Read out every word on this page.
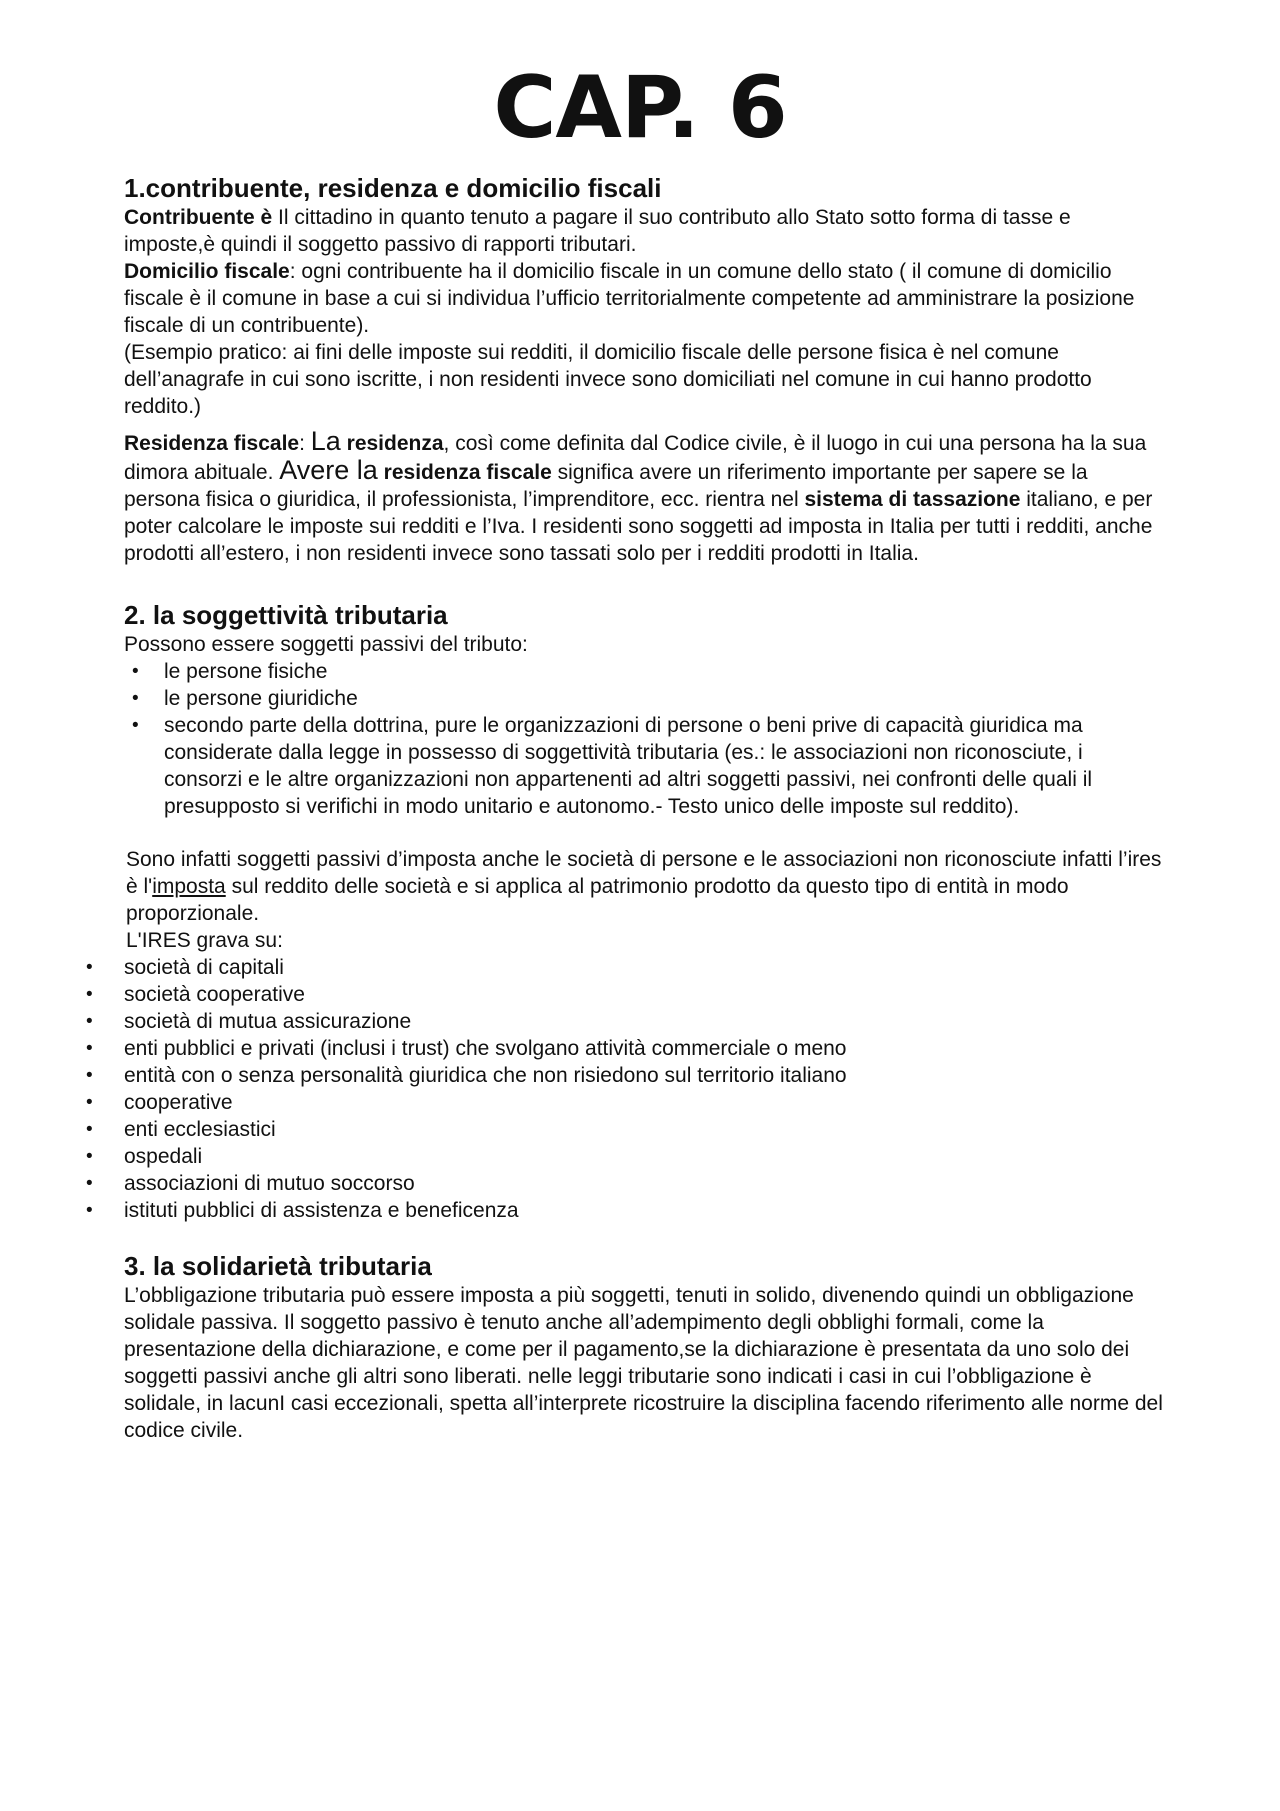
CAP. 6
1.contribuente, residenza e domicilio fiscali

Contribuente è Il cittadino in quanto tenuto a pagare il suo contributo allo Stato sotto forma di tasse e imposte,è quindi il soggetto passivo di rapporti tributari.

Domicilio fiscale: ogni contribuente ha il domicilio fiscale in un comune dello stato ( il comune di domicilio fiscale è il comune in base a cui si individua l’ufficio territorialmente competente ad amministrare la posizione fiscale di un contribuente).

(Esempio pratico: ai fini delle imposte sui redditi, il domicilio fiscale delle persone fisica è nel comune dell’anagrafe in cui sono iscritte, i non residenti invece sono domiciliati nel comune in cui hanno prodotto reddito.)

Residenza fiscale: La residenza, così come definita dal Codice civile, è il luogo in cui una persona ha la sua dimora abituale. Avere la residenza fiscale significa avere un riferimento importante per sapere se la persona fisica o giuridica, il professionista, l’imprenditore, ecc. rientra nel sistema di tassazione italiano, e per poter calcolare le imposte sui redditi e l’Iva. I residenti sono soggetti ad imposta in Italia per tutti i redditi, anche prodotti all’estero, i non residenti invece sono tassati solo per i redditi prodotti in Italia.

2. la soggettività tributaria

Possono essere soggetti passivi del tributo:

• le persone fisiche
• le persone giuridiche
• secondo parte della dottrina, pure le organizzazioni di persone o beni prive di capacità giuridica ma considerate dalla legge in possesso di soggettività tributaria (es.: le associazioni non riconosciute, i consorzi e le altre organizzazioni non appartenenti ad altri soggetti passivi, nei confronti delle quali il presupposto si verifichi in modo unitario e autonomo.- Testo unico delle imposte sul reddito).

Sono infatti soggetti passivi d’imposta anche le società di persone e le associazioni non riconosciute infatti l’ires è l'imposta sul reddito delle società e si applica al patrimonio prodotto da questo tipo di entità in modo proporzionale.

L'IRES grava su:

• società di capitali
• società cooperative
• società di mutua assicurazione
• enti pubblici e privati (inclusi i trust) che svolgano attività commerciale o meno
• entità con o senza personalità giuridica che non risiedono sul territorio italiano
• cooperative
• enti ecclesiastici
• ospedali
• associazioni di mutuo soccorso
• istituti pubblici di assistenza e beneficenza
3. la solidarietà tributaria

L’obbligazione tributaria può essere imposta a più soggetti, tenuti in solido, divenendo quindi un obbligazione solidale passiva. Il soggetto passivo è tenuto anche all’adempimento degli obblighi formali, come la presentazione della dichiarazione, e come per il pagamento,se la dichiarazione è presentata da uno solo dei soggetti passivi anche gli altri sono liberati. nelle leggi tributarie sono indicati i casi in cui l’obbligazione è solidale, in lacunI casi eccezionali, spetta all’interprete ricostruire la disciplina facendo riferimento alle norme del codice civile.
